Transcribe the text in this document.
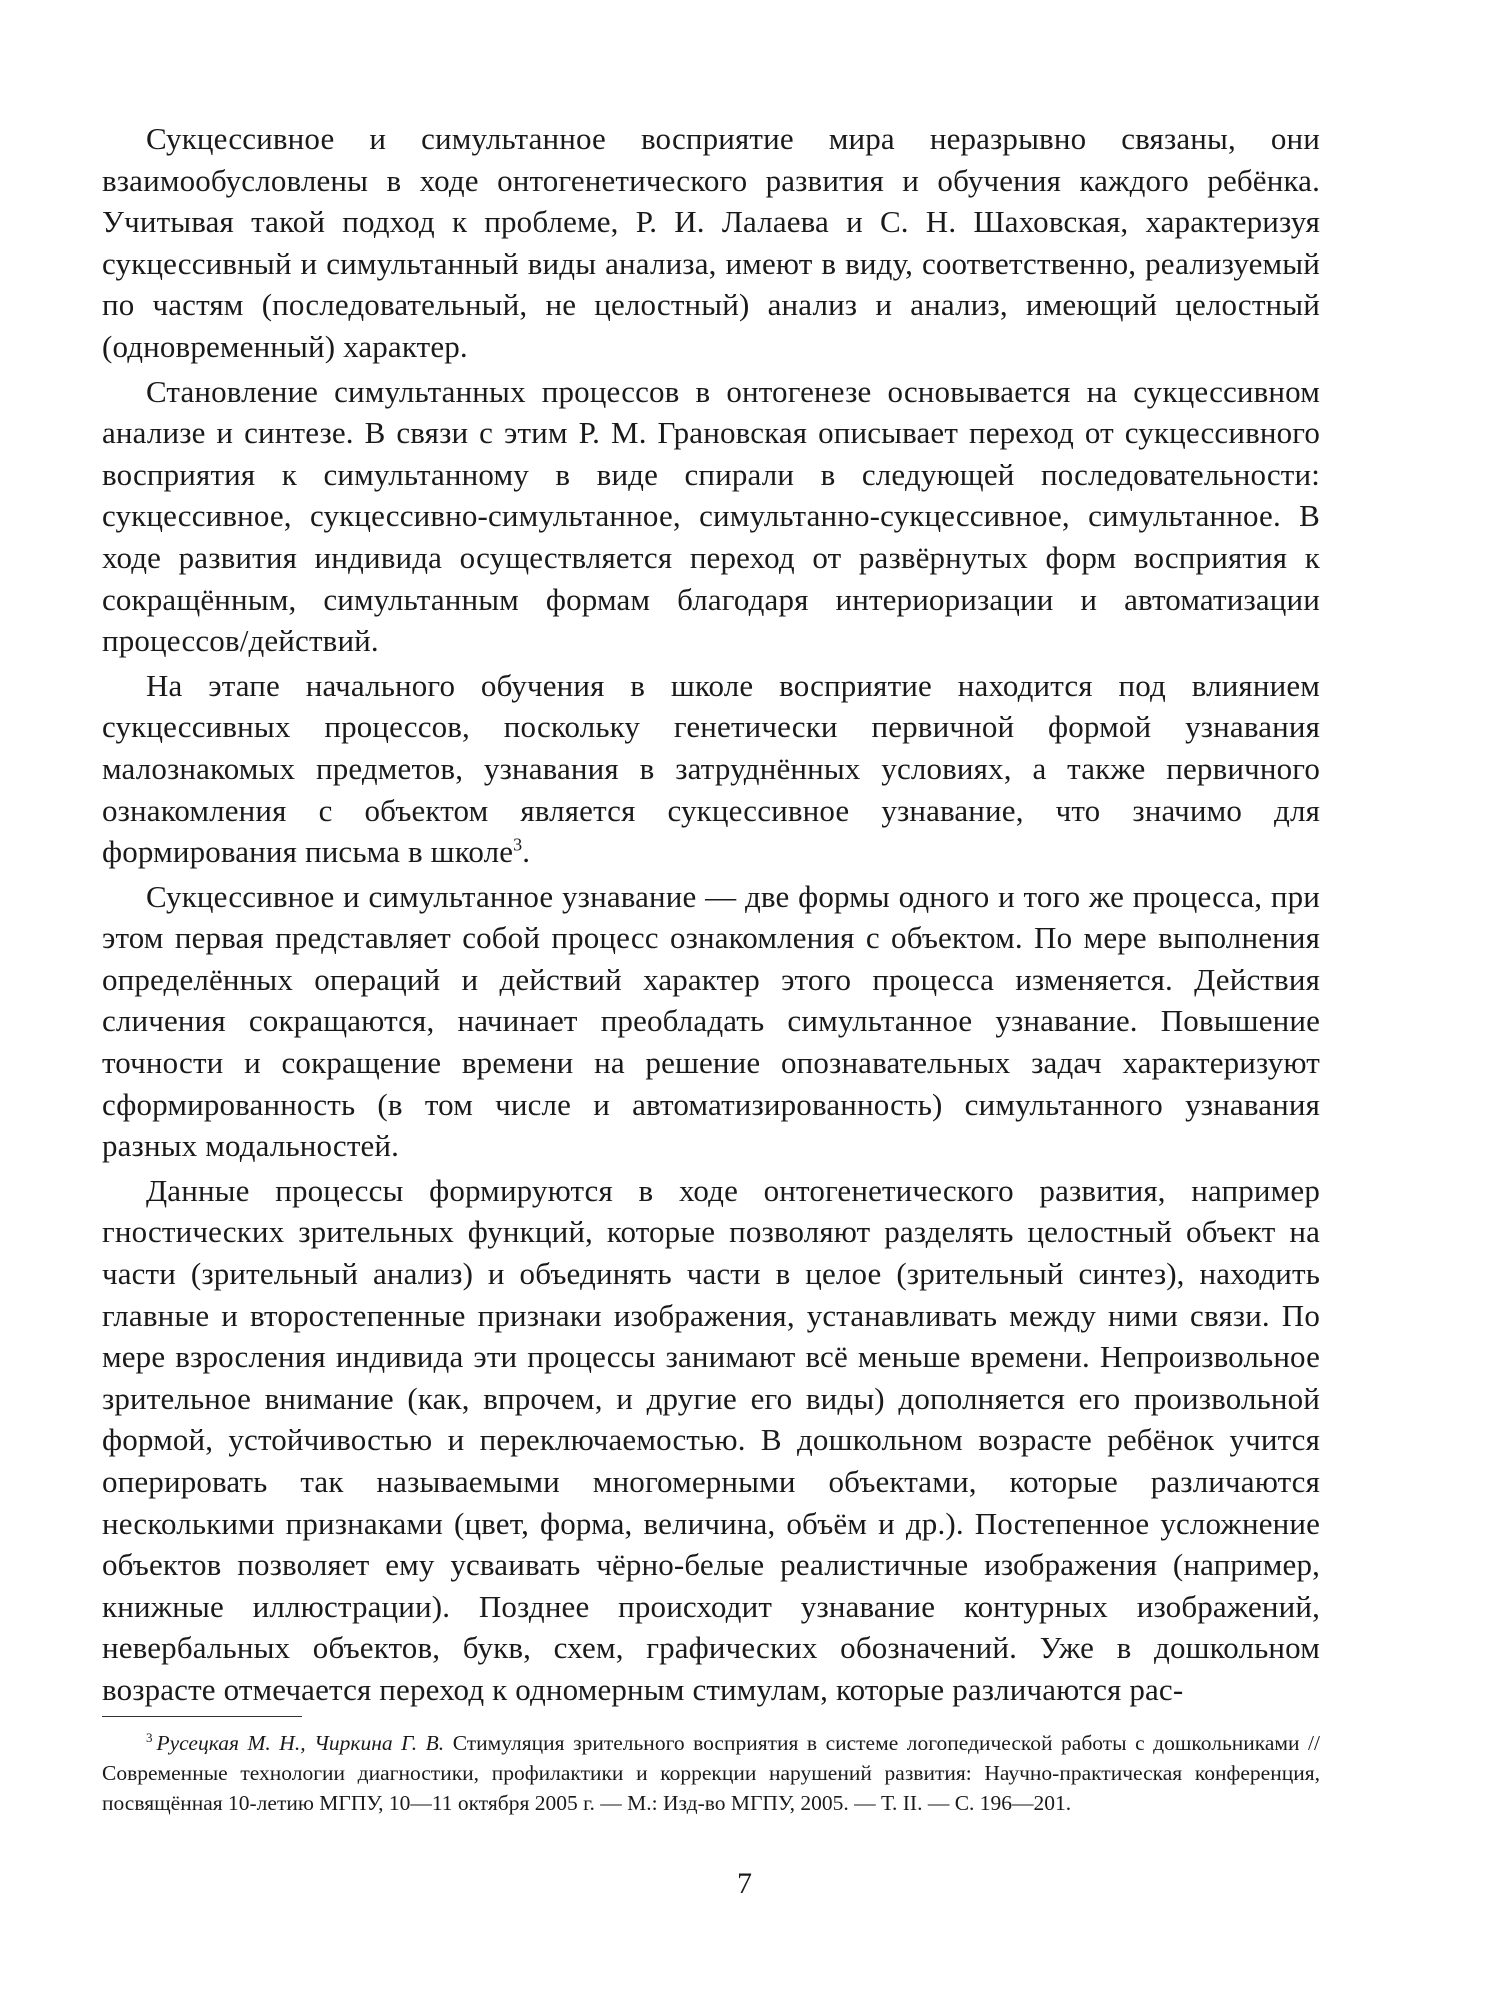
Сукцессивное и симультанное восприятие мира неразрывно связаны, они взаимообусловлены в ходе онтогенетического развития и обучения каждого ребёнка. Учитывая такой подход к проблеме, Р. И. Лалаева и С. Н. Шаховская, характеризуя сукцессивный и симультанный виды анализа, имеют в виду, соответственно, реализуемый по частям (последовательный, не целостный) анализ и анализ, имеющий целостный (одновременный) характер.

Становление симультанных процессов в онтогенезе основывается на сукцессивном анализе и синтезе. В связи с этим Р. М. Грановская описывает переход от сукцессивного восприятия к симультанному в виде спирали в следующей последовательности: сукцессивное, сукцессивно-симультанное, симультанно-сукцессивное, симультанное. В ходе развития индивида осуществляется переход от развёрнутых форм восприятия к сокращённым, симультанным формам благодаря интериоризации и автоматизации процессов/действий.

На этапе начального обучения в школе восприятие находится под влиянием сукцессивных процессов, поскольку генетически первичной формой узнавания малознакомых предметов, узнавания в затруднённых условиях, а также первичного ознакомления с объектом является сукцессивное узнавание, что значимо для формирования письма в школе$^3$.

Сукцессивное и симультанное узнавание — две формы одного и того же процесса, при этом первая представляет собой процесс ознакомления с объектом. По мере выполнения определённых операций и действий характер этого процесса изменяется. Действия сличения сокращаются, начинает преобладать симультанное узнавание. Повышение точности и сокращение времени на решение опознавательных задач характеризуют сформированность (в том числе и автоматизированность) симультанного узнавания разных модальностей.

Данные процессы формируются в ходе онтогенетического развития, например гностических зрительных функций, которые позволяют разделять целостный объект на части (зрительный анализ) и объединять части в целое (зрительный синтез), находить главные и второстепенные признаки изображения, устанавливать между ними связи. По мере взросления индивида эти процессы занимают всё меньше времени. Непроизвольное зрительное внимание (как, впрочем, и другие его виды) дополняется его произвольной формой, устойчивостью и переключаемостью. В дошкольном возрасте ребёнок учится оперировать так называемыми многомерными объектами, которые различаются несколькими признаками (цвет, форма, величина, объём и др.). Постепенное усложнение объектов позволяет ему усваивать чёрно-белые реалистичные изображения (например, книжные иллюстрации). Позднее происходит узнавание контурных изображений, невербальных объектов, букв, схем, графических обозначений. Уже в дошкольном возрасте отмечается переход к одномерным стимулам, которые различаются рас-

$^3$ Русецкая М. Н., Чиркина Г. В. Стимуляция зрительного восприятия в системе логопедической работы с дошкольниками // Современные технологии диагностики, профилактики и коррекции нарушений развития: Научно-практическая конференция, посвящённая 10-летию МГПУ, 10—11 октября 2005 г. — М.: Изд-во МГПУ, 2005. — Т. II. — С. 196—201.

7
